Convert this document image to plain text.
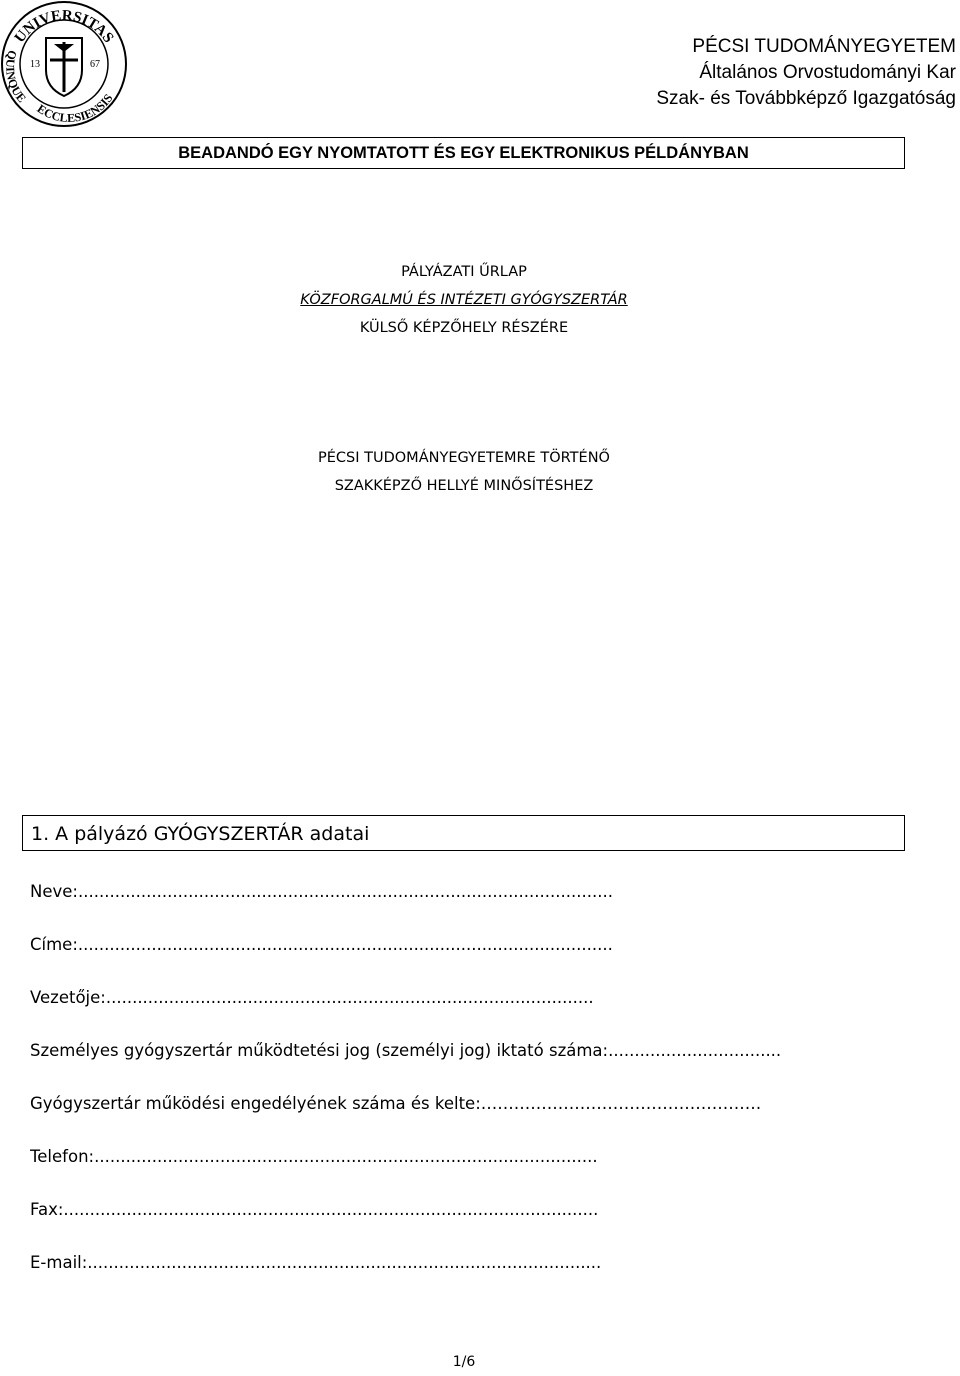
UNIVERSITAS
QUINQUE
ECCLESIENSIS
13	67
PÉCSI TUDOMÁNYEGYETEM
Általános Orvostudományi Kar
Szak- és Továbbképző Igazgatóság
BEADANDÓ EGY NYOMTATOTT ÉS EGY ELEKTRONIKUS PÉLDÁNYBAN
PÁLYÁZATI ŰRLAP
KÖZFORGALMÚ ÉS INTÉZETI GYÓGYSZERTÁR
KÜLSŐ KÉPZŐHELY RÉSZÉRE
PÉCSI TUDOMÁNYEGYETEMRE TÖRTÉNŐ
SZAKKÉPZŐ HELLYÉ MINŐSÍTÉSHEZ
1. A pályázó GYÓGYSZERTÁR adatai
Neve:......................................................................................................
Címe:......................................................................................................
Vezetője:.............................................................................................
Személyes gyógyszertár működtetési jog (személyi jog) iktató száma:.................................
Gyógyszertár működési engedélyének száma és kelte:……………………………………………
Telefon:................................................................................................
Fax:......................................................................................................
E-mail:..................................................................................................
1/6
